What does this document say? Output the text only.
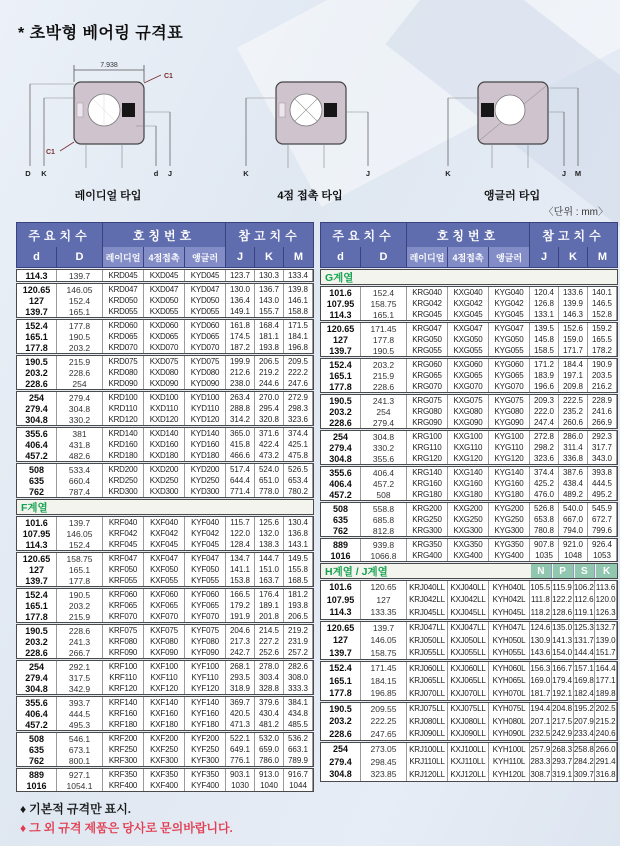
* 초박형 베어링 규격표
7.938
C1
C1
D K	d J
레이디얼 타입
K	J
4점 접촉 타입
K	J M
앵글러 타입
〈단위 : mm〉
주요치수	호칭번호	참고치수
d	D	레이디얼 4점접촉	앵글러	J	K	M
114.3	139.7	KRD045	KXD045	KYD045	123.7	130.3	133.4
120.65	146.05	KRD047	KXD047	KYD047	130.0	136.7	139.8
127	152.4	KRD050	KXD050	KYD050	136.4	143.0	146.1
139.7	165.1	KRD055	KXD055	KYD055	149.1	155.7	158.8
152.4	177.8	KRD060	KXD060	KYD060	161.8	168.4	171.5
165.1	190.5	KRD065	KXD065	KYD065	174.5	181.1	184.1
177.8	203.2	KRD070	KXD070	KYD070	187.2	193.8	196.8
190.5	215.9	KRD075	KXD075	KYD075	199.9	206.5	209.5
203.2	228.6	KRD080	KXD080	KYD080	212.6	219.2	222.2
228.6	254	KRD090	KXD090	KYD090	238.0	244.6	247.6
254	279.4	KRD100	KXD100	KYD100	263.4	270.0	272.9
279.4	304.8	KRD110	KXD110	KYD110	288.8	295.4	298.3
304.8	330.2	KRD120	KXD120	KYD120	314.2	320.8	323.6
355.6	381	KRD140	KXD140	KYD140	365.0	371.6	374.4
406.4	431.8	KRD160	KXD160	KYD160	415.8	422.4	425.1
457.2	482.6	KRD180	KXD180	KYD180	466.6	473.2	475.8
508	533.4	KRD200	KXD200	KYD200	517.4	524.0	526.5
635	660.4	KRD250	KXD250	KYD250	644.4	651.0	653.4
762	787.4	KRD300	KXD300	KYD300	771.4	778.0	780.2
F계열
101.6	139.7	KRF040	KXF040	KYF040	115.7	125.6	130.4
107.95	146.05	KRF042	KXF042	KYF042	122.0	132.0	136.8
114.3	152.4	KRF045	KXF045	KYF045	128.4	138.3	143.1
120.65	158.75	KRF047	KXF047	KYF047	134.7	144.7	149.5
127	165.1	KRF050	KXF050	KYF050	141.1	151.0	155.8
139.7	177.8	KRF055	KXF055	KYF055	153.8	163.7	168.5
152.4	190.5	KRF060	KXF060	KYF060	166.5	176.4	181.2
165.1	203.2	KRF065	KXF065	KYF065	179.2	189.1	193.8
177.8	215.9	KRF070	KXF070	KYF070	191.9	201.8	206.5
190.5	228.6	KRF075	KXF075	KYF075	204.6	214.5	219.2
203.2	241.3	KRF080	KXF080	KYF080	217.3	227.2	231.9
228.6	266.7	KRF090	KXF090	KYF090	242.7	252.6	257.2
254	292.1	KRF100	KXF100	KYF100	268.1	278.0	282.6
279.4	317.5	KRF110	KXF110	KYF110	293.5	303.4	308.0
304.8	342.9	KRF120	KXF120	KYF120	318.9	328.8	333.3
355.6	393.7	KRF140	KXF140	KYF140	369.7	379.6	384.1
406.4	444.5	KRF160	KXF160	KYF160	420.5	430.4	434.8
457.2	495.3	KRF180	KXF180	KYF180	471.3	481.2	485.5
508	546.1	KRF200	KXF200	KYF200	522.1	532.0	536.2
635	673.1	KRF250	KXF250	KYF250	649.1	659.0	663.1
762	800.1	KRF300	KXF300	KYF300	776.1	786.0	789.9
889	927.1	KRF350	KXF350	KYF350	903.1	913.0	916.7
1016	1054.1	KRF400	KXF400	KYF400	1030	1040	1044
주요치수	호칭번호	참고치수
d	D	레이디얼 4점접촉	앵글러	J	K	M
G계열
101.6	152.4	KRG040	KXG040	KYG040	120.4	133.6	140.1
107.95	158.75	KRG042	KXG042	KYG042	126.8	139.9	146.5
114.3	165.1	KRG045	KXG045	KYG045	133.1	146.3	152.8
120.65	171.45	KRG047	KXG047	KYG047	139.5	152.6	159.2
127	177.8	KRG050	KXG050	KYG050	145.8	159.0	165.5
139.7	190.5	KRG055	KXG055	KYG055	158.5	171.7	178.2
152.4	203.2	KRG060	KXG060	KYG060	171.2	184.4	190.9
165.1	215.9	KRG065	KXG065	KYG065	183.9	197.1	203.5
177.8	228.6	KRG070	KXG070	KYG070	196.6	209.8	216.2
190.5	241.3	KRG075	KXG075	KYG075	209.3	222.5	228.9
203.2	254	KRG080	KXG080	KYG080	222.0	235.2	241.6
228.6	279.4	KRG090	KXG090	KYG090	247.4	260.6	266.9
254	304.8	KRG100	KXG100	KYG100	272.8	286.0	292.3
279.4	330.2	KRG110	KXG110	KYG110	298.2	311.4	317.7
304.8	355.6	KRG120	KXG120	KYG120	323.6	336.8	343.0
355.6	406.4	KRG140	KXG140	KYG140	374.4	387.6	393.8
406.4	457.2	KRG160	KXG160	KYG160	425.2	438.4	444.5
457.2	508	KRG180	KXG180	KYG180	476.0	489.2	495.2
508	558.8	KRG200	KXG200	KYG200	526.8	540.0	545.9
635	685.8	KRG250	KXG250	KYG250	653.8	667.0	672.7
762	812.8	KRG300	KXG300	KYG300	780.8	794.0	799.6
889	939.8	KRG350	KXG350	KYG350	907.8	921.0	926.4
1016	1066.8	KRG400	KXG400	KYG400	1035	1048	1053
H계열 / J계열	N	P	S	K
101.6	120.65	KRJ040LL KXJ040LL KYH040L 105.5 115.9 106.2 113.6
107.95	127	KRJ042LL KXJ042LL KYH042L 111.8 122.2 112.6 120.0
114.3	133.35	KRJ045LL KXJ045LL KYH045L 118.2 128.6 119.1 126.3
120.65	139.7	KRJ047LL KXJ047LL KYH047L 124.6 135.0 125.3 132.7
127	146.05	KRJ050LL KXJ050LL KYH050L 130.9 141.3 131.7 139.0
139.7	158.75	KRJ055LL KXJ055LL KYH055L 143.6 154.0 144.4 151.7
152.4	171.45	KRJ060LL KXJ060LL KYH060L 156.3 166.7 157.1 164.4
165.1	184.15	KRJ065LL KXJ065LL KYH065L 169.0 179.4 169.8 177.1
177.8	196.85	KRJ070LL KXJ070LL KYH070L 181.7 192.1 182.4 189.8
190.5	209.55	KRJ075LL KXJ075LL KYH075L 194.4 204.8 195.2 202.5
203.2	222.25	KRJ080LL KXJ080LL KYH080L 207.1 217.5 207.9 215.2
228.6	247.65	KRJ090LL KXJ090LL KYH090L 232.5 242.9 233.4 240.6
254	273.05	KRJ100LL KXJ100LL KYH100L 257.9 268.3 258.8 266.0
279.4	298.45	KRJ110LL KXJ110LL KYH110L 283.3 293.7 284.2 291.4
304.8	323.85	KRJ120LL KXJ120LL KYH120L 308.7 319.1 309.7 316.8
♦ 기본적 규격만 표시.
♦ 그 외 규격 제품은 당사로 문의바랍니다.
